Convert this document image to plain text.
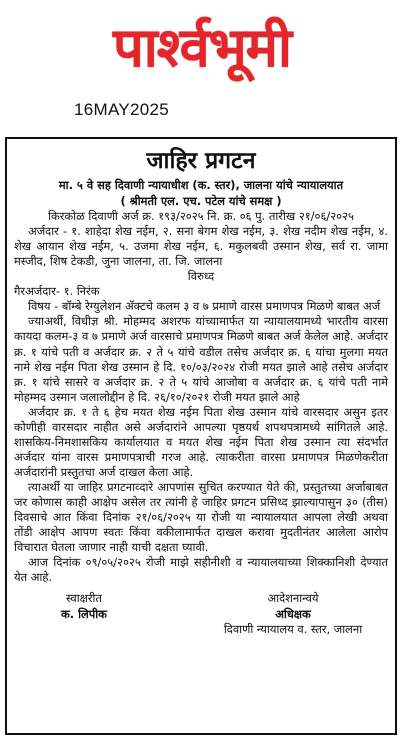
पार्श्वभूमी
16MAY2025
जाहिर प्रगटन
मा. ५ वे सह दिवाणी न्यायाधीश (क. स्तर), जालना यांचे न्यायालयात
( श्रीमती एल. एच. पटेल यांचे समक्ष )

किरकोळ दिवाणी अर्ज क्र. १९३/२०२५ नि. क्र. ०६ पु. तारीख २१/०६/२०२५

अर्जदार - १. शाहेदा शेख नईम, २. सना बेगम शेख नईम, ३. शेख नदीम शेख नईम, ४. शेख आयान शेख नईम, ५. उजमा शेख नईम, ६. मकुलबवी उस्मान शेख, सर्व रा. जामा मस्जीद, शिष टेकडी, जुना जालना, ता. जि. जालना

विरुध्द

गैरअर्जदार- १. निरंक

विषय - बॉम्बे रेग्युलेशन ॲक्टचे कलम ३ व ७ प्रमाणे वारस प्रमाणपत्र मिळणे बाबत अर्ज

ज्याअर्थी, विधीज्ञ श्री. मोहम्मद अशरफ यांच्यामार्फत या न्यायालयामध्ये भारतीय वारसा कायदा कलम-३ व ७ प्रमाणे अर्ज वारसाचे प्रमाणपत्र मिळणे बाबत अर्ज केलेल आहे. अर्जदार क्र. १ यांचे पती व अर्जदार क्र. २ ते ५ यांचे वडील तसेच अर्जदार क्र. ६ यांचा मुलगा मयत नामे शेख नईम पिता शेख उस्मान हे दि. १०/०३/२०२४ रोजी मयत झाले आहे तसेच अर्जदार क्र. १ यांचे सासरे व अर्जदार क्र. २ ते ५ यांचे आजोबा व अर्जदार क्र. ६ यांचे पती नामे मोहम्मद उस्मान जलालोद्दीन हे दि. २६/१०/२०२१ रोजी मयत झाले आहे

अर्जदार क्र. १ ते ६ हेच मयत शेख नईम पिता शेख उस्मान यांचे वारसदार असुन इतर कोणीही वारसदार नाहीत असे अर्जदारांने आपल्या पृष्ठयर्थ शपथपत्रामध्ये सांगितले आहे. शासकिय-निमशासकिय कार्यालयात व मयत शेख नईम पिता शेख उस्मान त्या संदर्भात अर्जदार यांना वारस प्रमाणपत्राची गरज आहे. त्याकरीता वारसा प्रमाणपत्र मिळणेकरीता अर्जदारांनी प्रस्तुतचा अर्ज दाखल केला आहे.

त्याअर्थी या जाहिर प्रगटनाव्दारे आपणांस सुचित करण्यात येते की, प्रस्तुतच्या अर्जाबाबत जर कोणास काही आक्षेप असेल तर त्यांनी हे जाहिर प्रगटन प्रसिध्द झाल्यापासुन ३० (तीस) दिवसाचे आत किंवा दिनांक २१/०६/२०२५ या रोजी या न्यायालयात आपला लेखी अथवा तोंडी आक्षेप आपण स्वतः किंवा वकीलामार्फत दाखल करावा मुदतीनंतर आलेला आरोप विचारात घेतला जाणार नाही याची दक्षता घ्यावी.

आज दिनांक ०९/०५/२०२५ रोजी माझे सहीनीशी व न्यायालयाच्या शिक्कानिशी देण्यात येत आहे.

स्वाक्षरीत
क. लिपीक
आदेशनान्वये
अधिक्षक
दिवाणी न्यायालय व. स्तर, जालना
